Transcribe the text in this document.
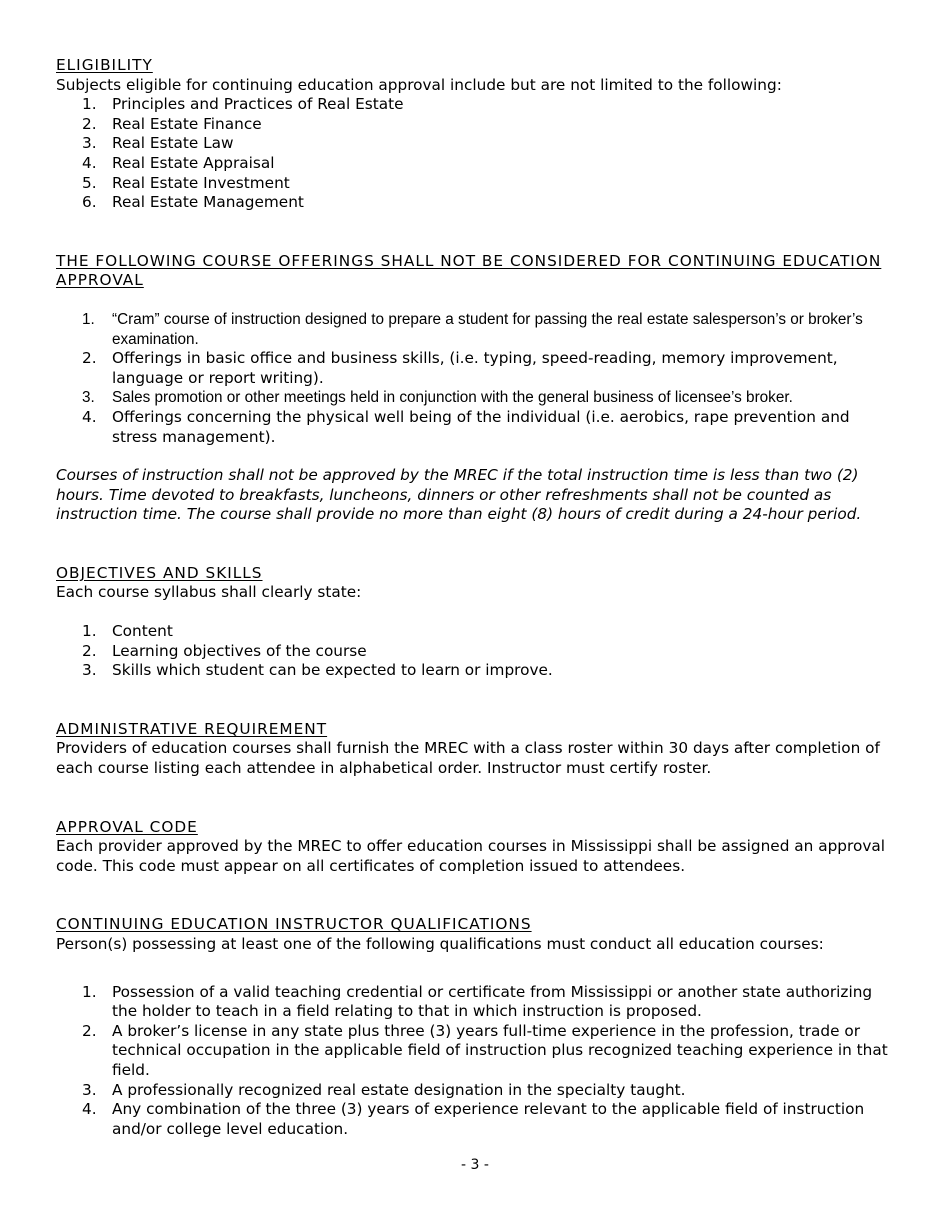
ELIGIBILITY

Subjects eligible for continuing education approval include but are not limited to the following:

1. Principles and Practices of Real Estate
2. Real Estate Finance
3. Real Estate Law
4. Real Estate Appraisal
5. Real Estate Investment
6. Real Estate Management

THE FOLLOWING COURSE OFFERINGS SHALL NOT BE CONSIDERED FOR CONTINUING EDUCATION APPROVAL

1. “Cram” course of instruction designed to prepare a student for passing the real estate salesperson’s or broker’s examination.
2. Offerings in basic office and business skills, (i.e. typing, speed-reading, memory improvement, language or report writing).
3. Sales promotion or other meetings held in conjunction with the general business of licensee’s broker.
4. Offerings concerning the physical well being of the individual (i.e. aerobics, rape prevention and stress management).

Courses of instruction shall not be approved by the MREC if the total instruction time is less than two (2) hours. Time devoted to breakfasts, luncheons, dinners or other refreshments shall not be counted as instruction time. The course shall provide no more than eight (8) hours of credit during a 24-hour period.

OBJECTIVES AND SKILLS

Each course syllabus shall clearly state:

1. Content
2. Learning objectives of the course
3. Skills which student can be expected to learn or improve.

ADMINISTRATIVE REQUIREMENT

Providers of education courses shall furnish the MREC with a class roster within 30 days after completion of each course listing each attendee in alphabetical order. Instructor must certify roster.

APPROVAL CODE

Each provider approved by the MREC to offer education courses in Mississippi shall be assigned an approval code. This code must appear on all certificates of completion issued to attendees.

CONTINUING EDUCATION INSTRUCTOR QUALIFICATIONS

Person(s) possessing at least one of the following qualifications must conduct all education courses:

1. Possession of a valid teaching credential or certificate from Mississippi or another state authorizing the holder to teach in a field relating to that in which instruction is proposed.
2. A broker’s license in any state plus three (3) years full-time experience in the profession, trade or technical occupation in the applicable field of instruction plus recognized teaching experience in that field.
3. A professionally recognized real estate designation in the specialty taught.
4. Any combination of the three (3) years of experience relevant to the applicable field of instruction and/or college level education.
- 3 -
